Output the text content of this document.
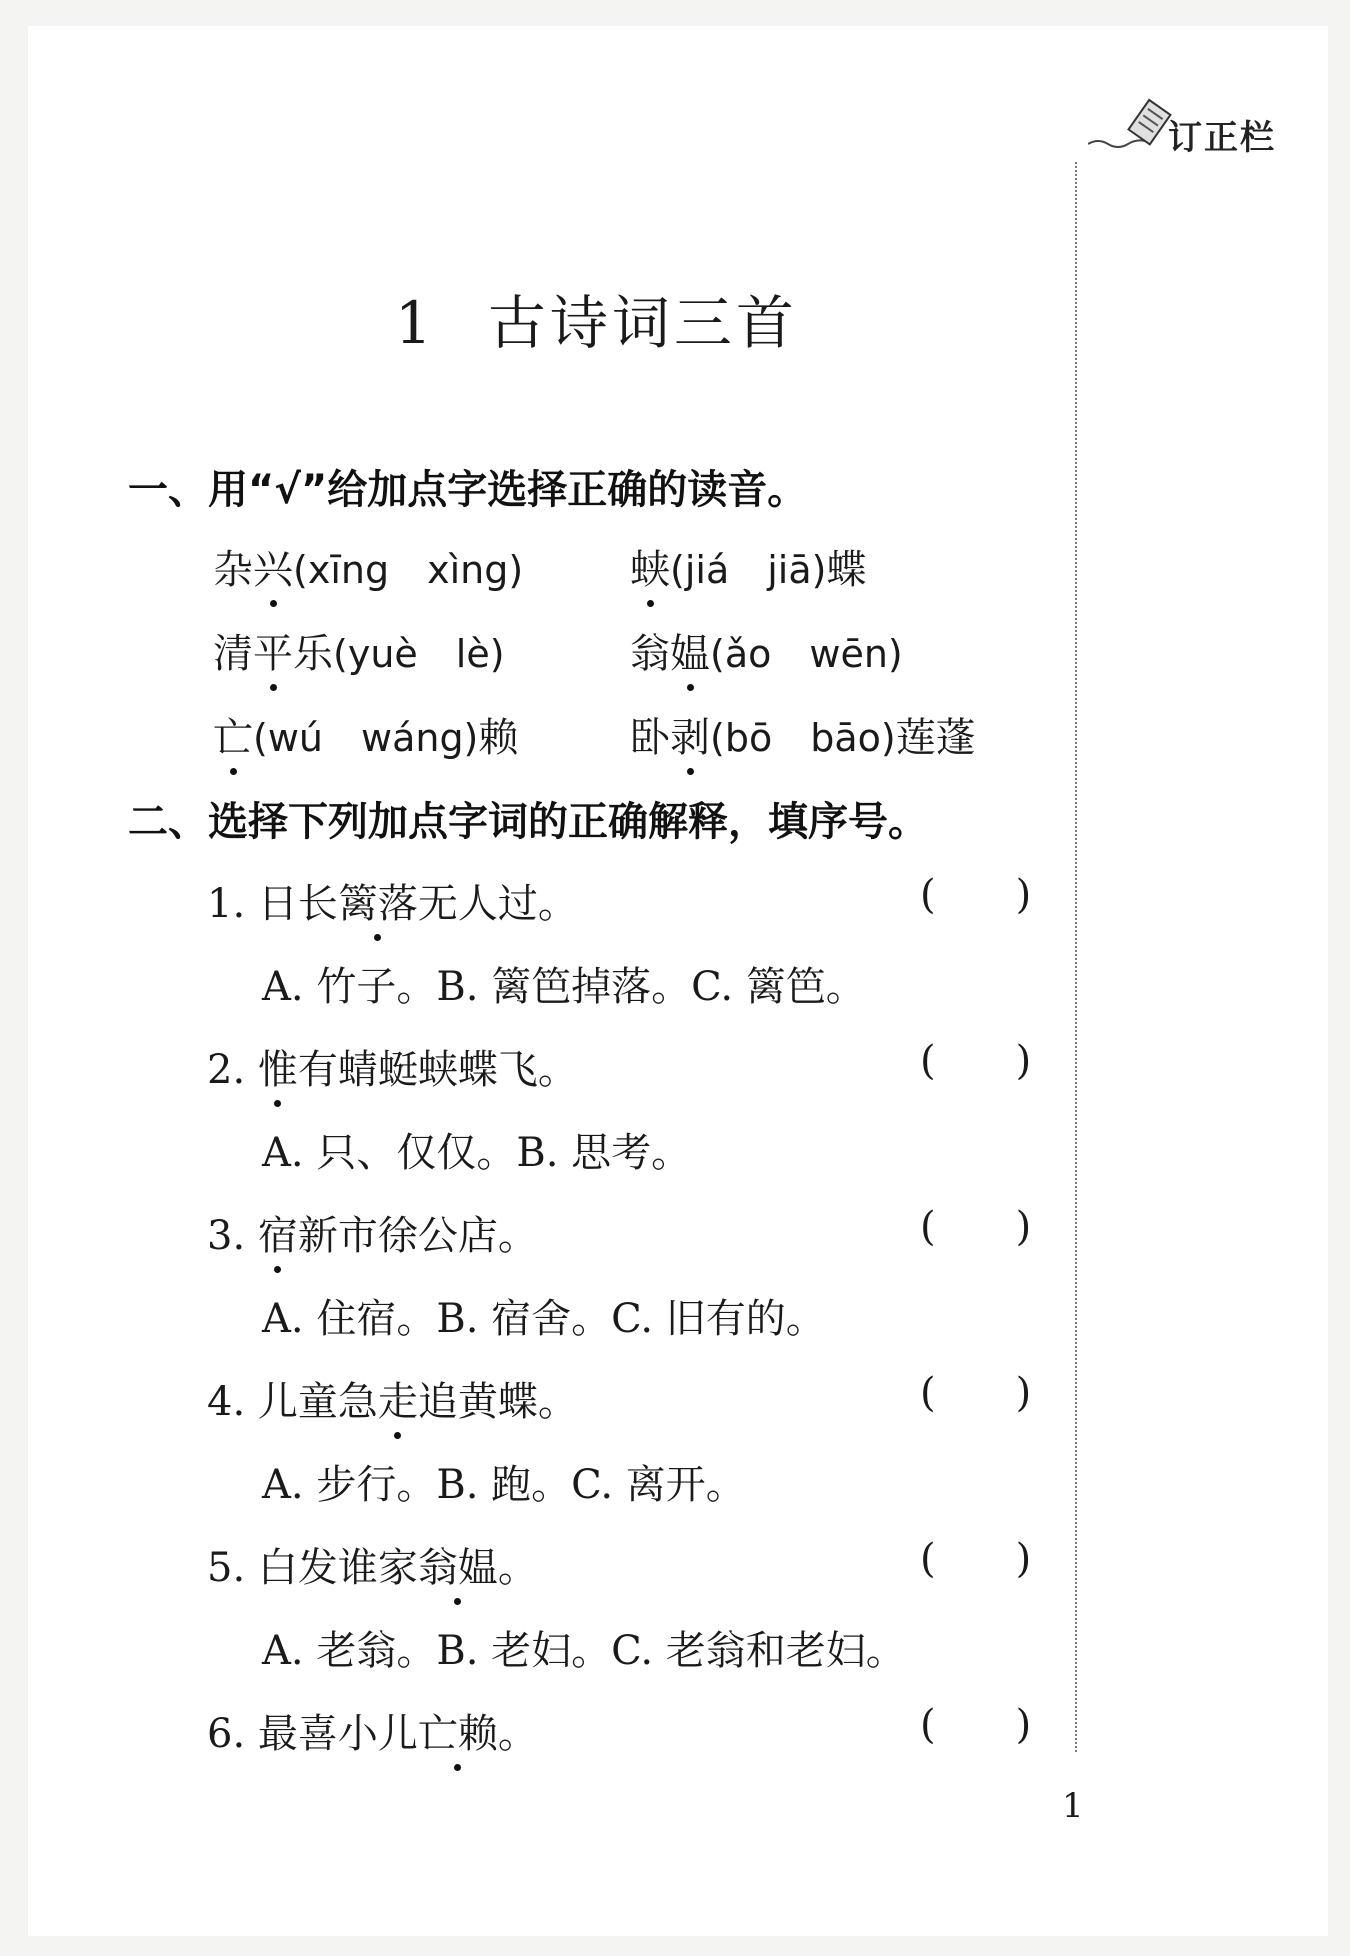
订正栏
1 古诗词三首
一、用“√”给加点字选择正确的读音。
杂兴(xīng　xìng)	蛱(jiá　jiā)蝶
清平乐(yuè　lè)	翁媪(ǎo　wēn)
亡(wú　wáng)赖	卧剥(bō　bāo)莲蓬
二、选择下列加点字词的正确解释，填序号。
1. 日长篱落无人过。	( )
A. 竹子。B. 篱笆掉落。C. 篱笆。
2. 惟有蜻蜓蛱蝶飞。	( )
A. 只、仅仅。B. 思考。
3. 宿新市徐公店。	( )
A. 住宿。B. 宿舍。C. 旧有的。
4. 儿童急走追黄蝶。	( )
A. 步行。B. 跑。C. 离开。
5. 白发谁家翁媪。	( )
A. 老翁。B. 老妇。C. 老翁和老妇。
6. 最喜小儿亡赖。	( )
1
